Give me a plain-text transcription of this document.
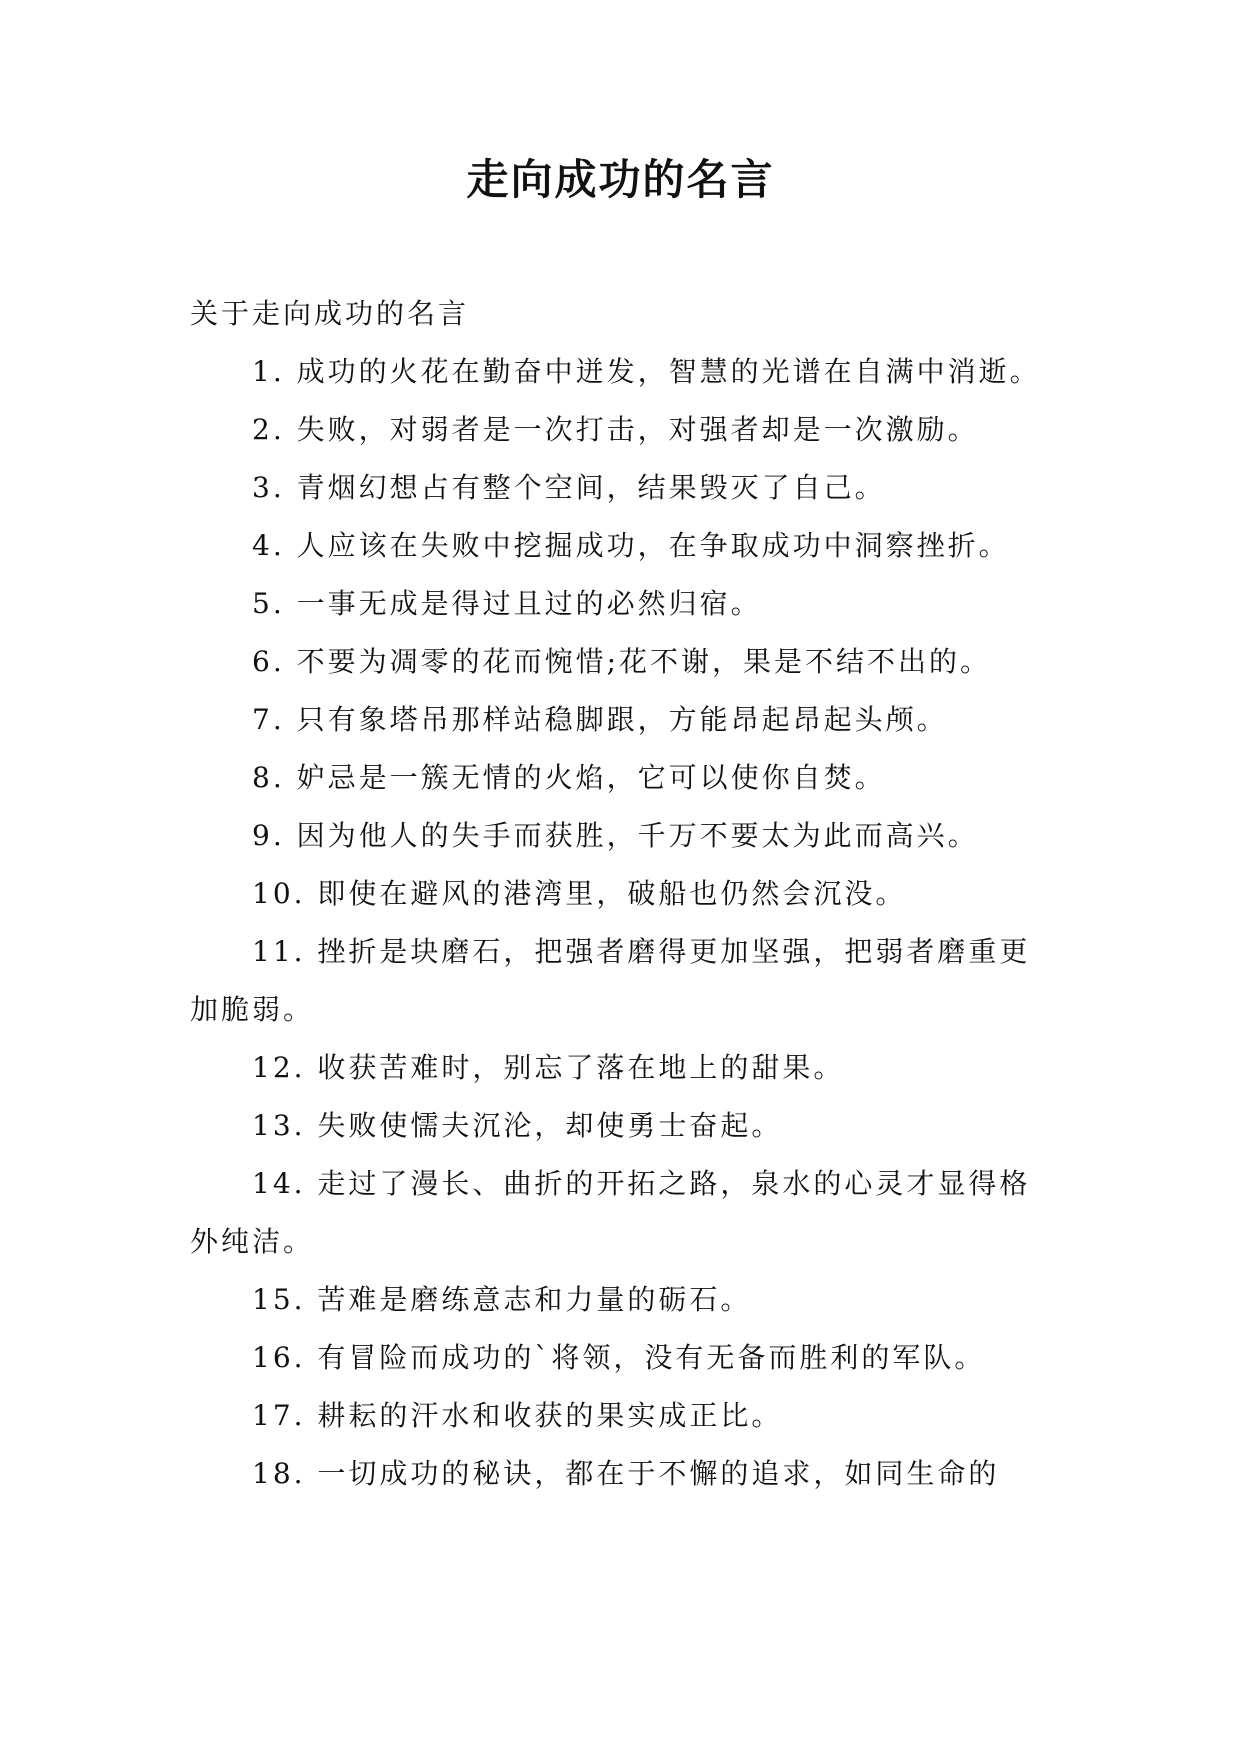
走向成功的名言

关于走向成功的名言

1. 成功的火花在勤奋中迸发，智慧的光谱在自满中消逝。

2. 失败，对弱者是一次打击，对强者却是一次激励。

3. 青烟幻想占有整个空间，结果毁灭了自己。

4. 人应该在失败中挖掘成功，在争取成功中洞察挫折。

5. 一事无成是得过且过的必然归宿。

6. 不要为凋零的花而惋惜;花不谢，果是不结不出的。

7. 只有象塔吊那样站稳脚跟，方能昂起昂起头颅。

8. 妒忌是一簇无情的火焰，它可以使你自焚。

9. 因为他人的失手而获胜，千万不要太为此而高兴。

10. 即使在避风的港湾里，破船也仍然会沉没。

11. 挫折是块磨石，把强者磨得更加坚强，把弱者磨重更加脆弱。

12. 收获苦难时，别忘了落在地上的甜果。

13. 失败使懦夫沉沦，却使勇士奋起。

14. 走过了漫长、曲折的开拓之路，泉水的心灵才显得格外纯洁。

15. 苦难是磨练意志和力量的砺石。

16. 有冒险而成功的`将领，没有无备而胜利的军队。

17. 耕耘的汗水和收获的果实成正比。

18. 一切成功的秘诀，都在于不懈的追求，如同生命的
